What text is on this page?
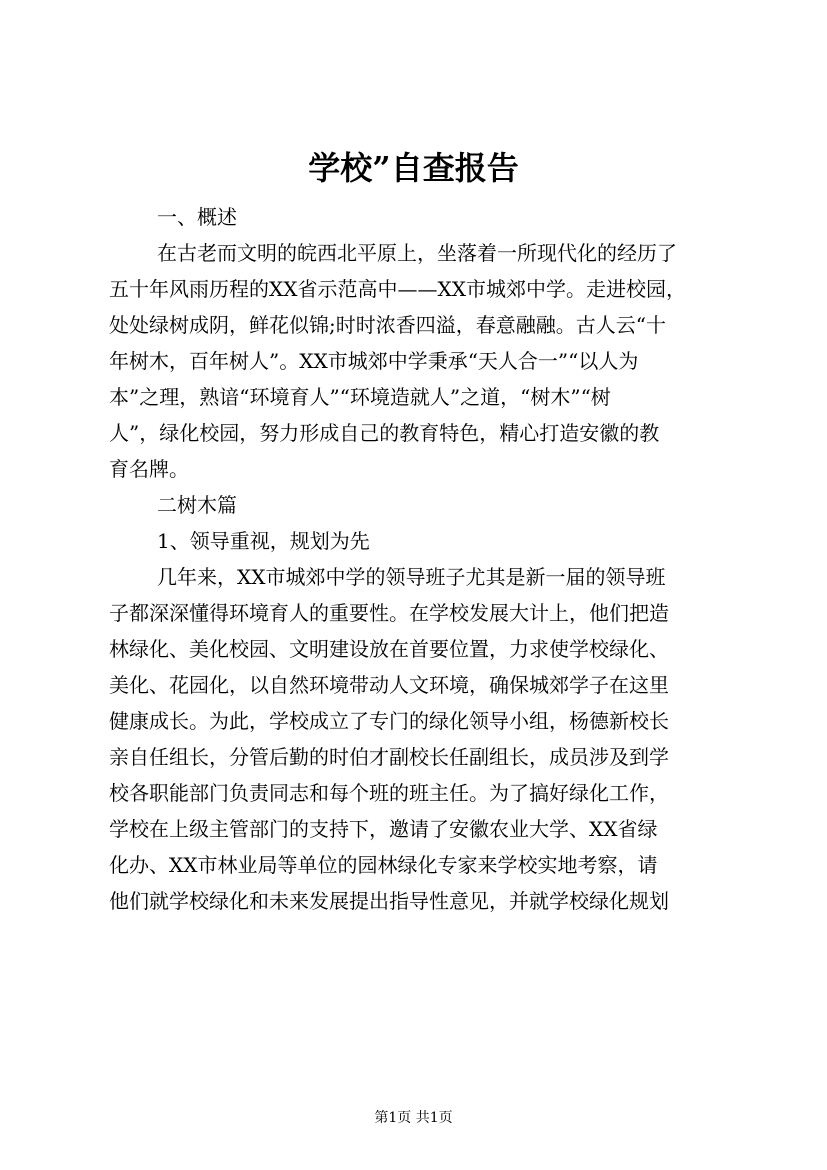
学校”自查报告
一、概述
在古老而文明的皖西北平原上，坐落着一所现代化的经历了
五十年风雨历程的XX省示范高中——XX市城郊中学。走进校园，
处处绿树成阴，鲜花似锦;时时浓香四溢，春意融融。古人云“十
年树木，百年树人”。XX市城郊中学秉承“天人合一”“以人为
本”之理，熟谙“环境育人”“环境造就人”之道，“树木”“树
人”，绿化校园，努力形成自己的教育特色，精心打造安徽的教
育名牌。
二树木篇
1、领导重视，规划为先
几年来，XX市城郊中学的领导班子尤其是新一届的领导班
子都深深懂得环境育人的重要性。在学校发展大计上，他们把造
林绿化、美化校园、文明建设放在首要位置，力求使学校绿化、
美化、花园化，以自然环境带动人文环境，确保城郊学子在这里
健康成长。为此，学校成立了专门的绿化领导小组，杨德新校长
亲自任组长，分管后勤的时伯才副校长任副组长，成员涉及到学
校各职能部门负责同志和每个班的班主任。为了搞好绿化工作，
学校在上级主管部门的支持下，邀请了安徽农业大学、XX省绿
化办、XX市林业局等单位的园林绿化专家来学校实地考察，请
他们就学校绿化和未来发展提出指导性意见，并就学校绿化规划
第1页 共1页
